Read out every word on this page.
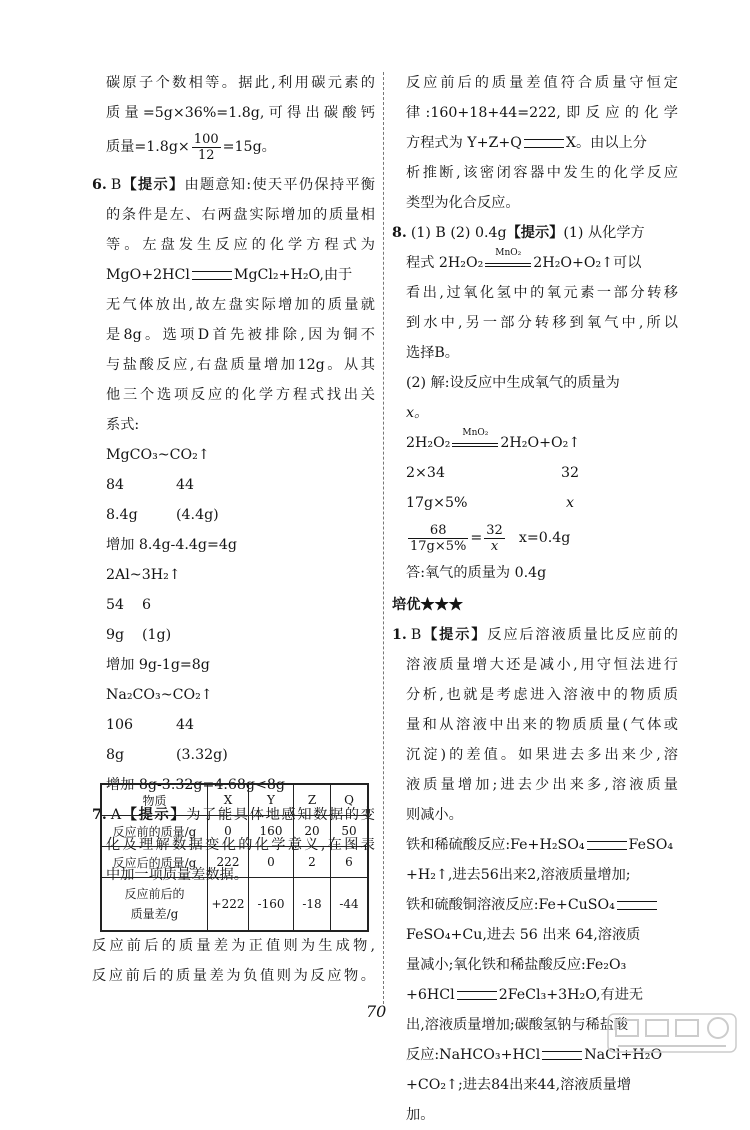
碳原子个数相等。据此,利用碳元素的
质量=5g×36%=1.8g,可得出碳酸钙
质量$=1.8g\times \frac{100}{12} =15g$。
6. B【提示】由题意知:使天平仍保持平衡
的条件是左、右两盘实际增加的质量相
等。左盘发生反应的化学方程式为
MgO+2HCl	MgCl₂+H₂O,由于
无气体放出,故左盘实际增加的质量就
是8g。选项D首先被排除,因为铜不
与盐酸反应,右盘质量增加12g。从其
他三个选项反应的化学方程式找出关
系式:
MgCO₃~CO₂↑
84	44
8.4g	(4.4g)
增加 8.4g-4.4g=4g
2Al~3H₂↑
54 6
9g (1g)
增加 9g-1g=8g
Na₂CO₃~CO₂↑
106	44
8g	(3.32g)
增加 8g-3.32g=4.68g<8g
7. A【提示】为了能具体地感知数据的变
化及理解数据变化的化学意义,在图表
中加一项质量差数据。
物质	X	Y	Z	Q
反应前的质量/g	0	160	20	50
反应后的质量/g	222	0	2	6
反应前后的
质量差/g	+222	-160	-18	-44
反应前后的质量差为正值则为生成物,
反应前后的质量差为负值则为反应物。
反应前后的质量差值符合质量守恒定
律:160+18+44=222,即反应的化学
方程式为 Y+Z+Q	X。由以上分
析推断,该密闭容器中发生的化学反应
类型为化合反应。
8. (1) B (2) 0.4g【提示】(1) 从化学方
程式 2H₂O₂
MnO₂
2H₂O+O₂↑可以
看出,过氧化氢中的氧元素一部分转移
到水中,另一部分转移到氧气中,所以
选择B。
(2) 解:设反应中生成氧气的质量为
x。
2H₂O₂
MnO₂
2H₂O+O₂↑
2×34	32
17g×5%	x
$\frac{68}{17g\times 5\%} = \frac{32}{x} x=0.4g$
答:氧气的质量为 0.4g
培优★★★
1. B【提示】反应后溶液质量比反应前的
溶液质量增大还是减小,用守恒法进行
分析,也就是考虑进入溶液中的物质质
量和从溶液中出来的物质质量(气体或
沉淀)的差值。如果进去多出来少,溶
液质量增加;进去少出来多,溶液质量
则减小。
铁和稀硫酸反应:Fe+H₂SO₄	FeSO₄
+H₂↑,进去56出来2,溶液质量增加;
铁和硫酸铜溶液反应:Fe+CuSO₄
FeSO₄+Cu,进去 56 出来 64,溶液质
量减小;氧化铁和稀盐酸反应:Fe₂O₃
+6HCl	2FeCl₃+3H₂O,有进无
出,溶液质量增加;碳酸氢钠与稀盐酸
反应:NaHCO₃+HCl	NaCl+H₂O
+CO₂↑;进去84出来44,溶液质量增
加。
70
